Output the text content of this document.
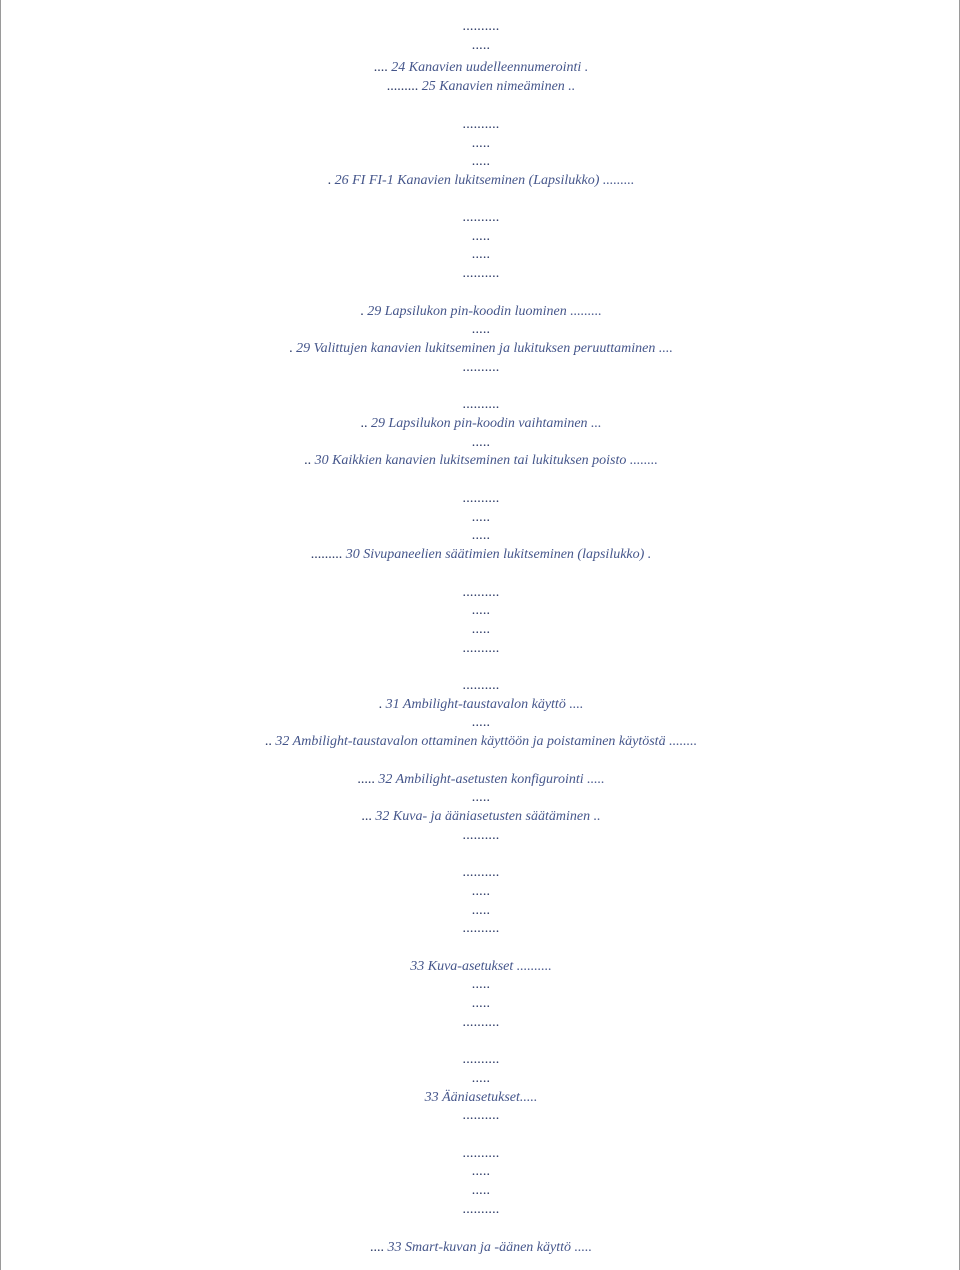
..........
.....
.... 24 Kanavien uudelleennumerointi .
......... 25 Kanavien nimeäminen ..
..........
.....
.....
. 26 FI FI-1 Kanavien lukitseminen (Lapsilukko) .........
..........
.....
.....
..........
. 29 Lapsilukon pin-koodin luominen .........
.....
. 29 Valittujen kanavien lukitseminen ja lukituksen peruuttaminen ....
..........
..........
.. 29 Lapsilukon pin-koodin vaihtaminen ...
.....
.. 30 Kaikkien kanavien lukitseminen tai lukituksen poisto ........
..........
.....
.....
......... 30 Sivupaneelien säätimien lukitseminen (lapsilukko) .
..........
.....
.....
..........
..........
. 31 Ambilight-taustavalon käyttö ....
.....
.. 32 Ambilight-taustavalon ottaminen käyttöön ja poistaminen käytöstä ........
..... 32 Ambilight-asetusten konfigurointi .....
.....
... 32 Kuva- ja ääniasetusten säätäminen ..
..........
..........
.....
.....
..........
33 Kuva-asetukset ..........
.....
.....
..........
..........
.....
33 Ääniasetukset.....
..........
..........
.....
.....
..........
.... 33 Smart-kuvan ja -äänen käyttö .....
